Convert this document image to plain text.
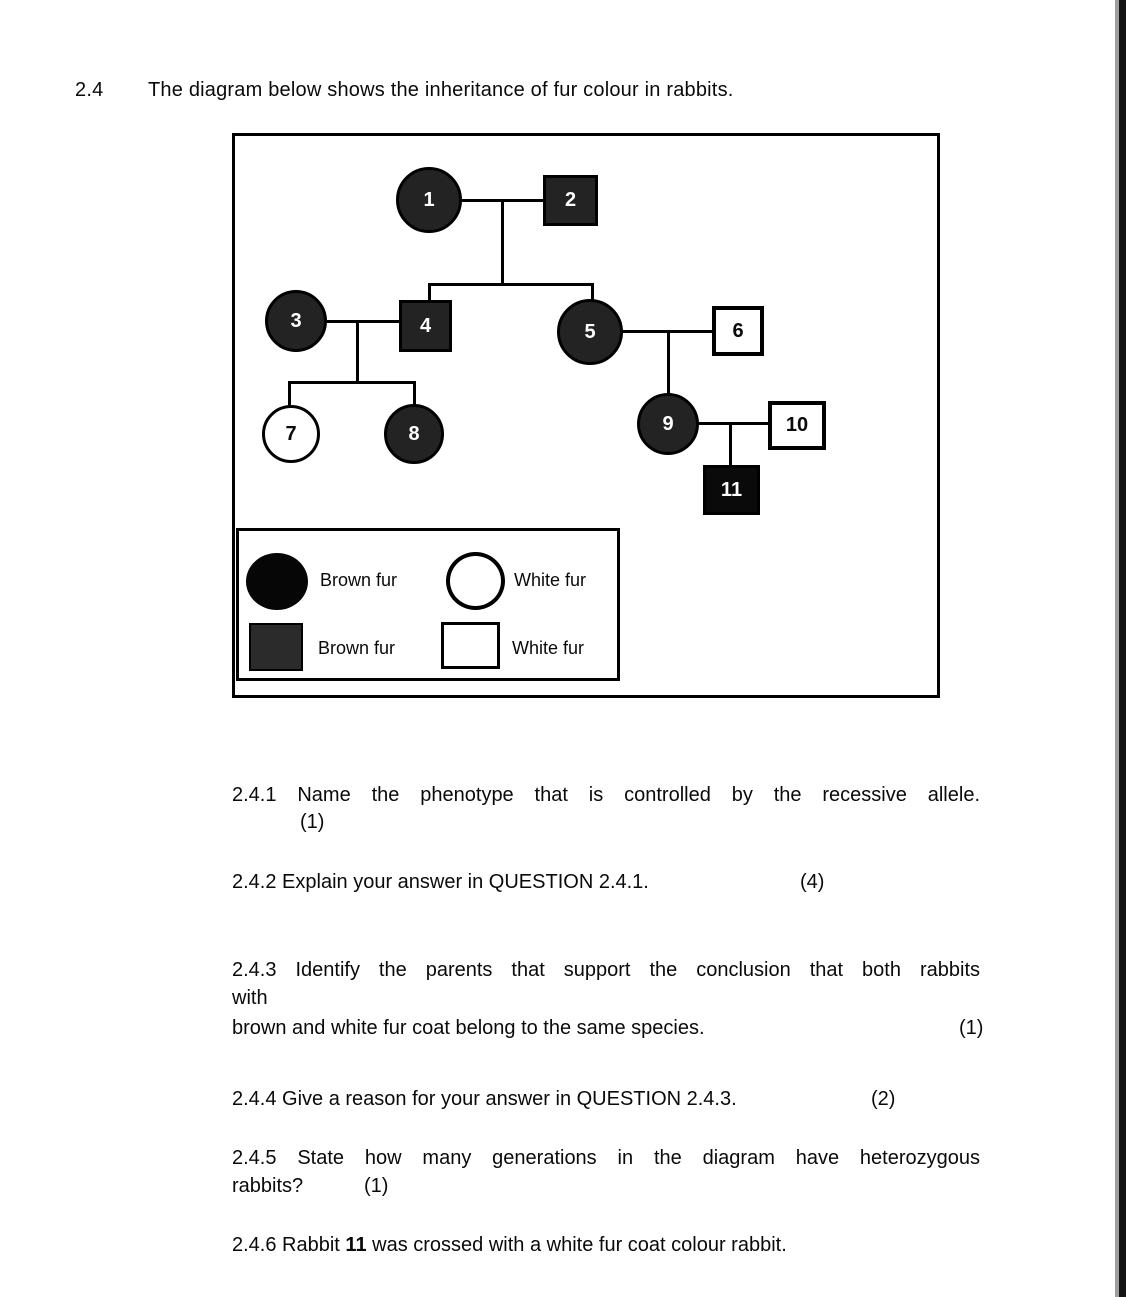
2.4 The diagram below shows the inheritance of fur colour in rabbits.
1	2
3	4	5	6
7	8	9	10
11
Brown fur	White fur
Brown fur	White fur
2.4.1 Name the phenotype that is controlled by the recessive allele.
(1)
2.4.2 Explain your answer in QUESTION 2.4.1.	(4)
2.4.3 Identify the parents that support the conclusion that both rabbits
with
brown and white fur coat belong to the same species.	(1)
2.4.4 Give a reason for your answer in QUESTION 2.4.3.	(2)
2.4.5 State how many generations in the diagram have heterozygous
rabbits?	(1)
2.4.6 Rabbit 11 was crossed with a white fur coat colour rabbit.
